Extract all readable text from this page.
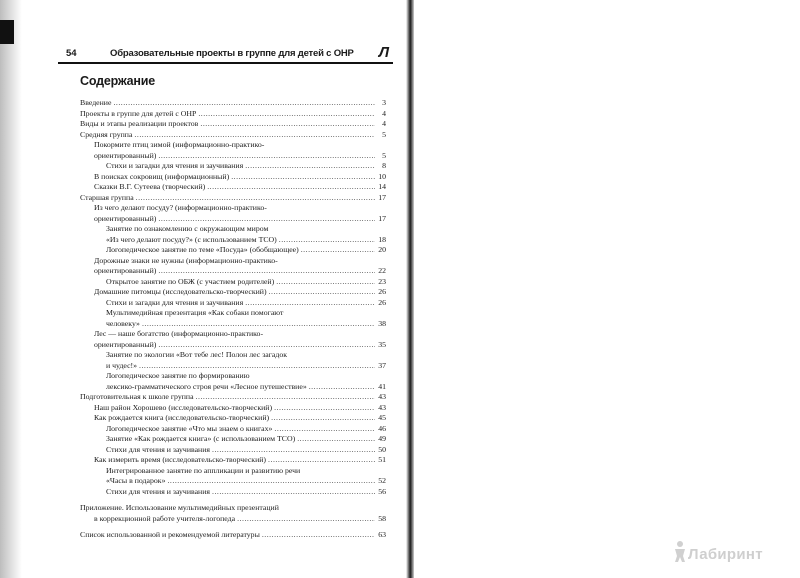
54	Образовательные проекты в группе для детей с ОНР Л
Содержание
Введение .....	3
Проекты в группе для детей с ОНР .....	4
Виды и этапы реализации проектов .....	4
Средняя группа .....	5
Покормите птиц зимой (информационно-практико-
ориентированный) .....	5
Стихи и загадки для чтения и заучивания .....	8
В поисках сокровищ (информационный) .....	10
Сказки В.Г. Сутеева (творческий) .....	14
Старшая группа .....	17
Из чего делают посуду? (информационно-практико-
ориентированный) .....	17
Занятие по ознакомлению с окружающим миром
«Из чего делают посуду?» (с использованием ТСО) .....	18
Логопедическое занятие по теме «Посуда» (обобщающее) .....	20
Дорожные знаки не нужны (информационно-практико-
ориентированный) .....	22
Открытое занятие по ОБЖ (с участием родителей) .....	23
Домашние питомцы (исследовательско-творческий) .....	26
Стихи и загадки для чтения и заучивания .....	26
Мультимедийная презентация «Как собаки помогают
человеку» .....	38
Лес — наше богатство (информационно-практико-
ориентированный) .....	35
Занятие по экологии «Вот тебе лес! Полон лес загадок
и чудес!» .....	37
Логопедическое занятие по формированию
лексико-грамматического строя речи «Лесное путешествие» .....	41
Подготовительная к школе группа .....	43
Наш район Хорошево (исследовательско-творческий) .....	43
Как рождается книга (исследовательско-творческий) .....	45
Логопедическое занятие «Что мы знаем о книгах» .....	46
Занятие «Как рождается книга» (с использованием ТСО) .....	49
Стихи для чтения и заучивания .....	50
Как измерить время (исследовательско-творческий) .....	51
Интегрированное занятие по аппликации и развитию речи
«Часы в подарок» .....	52
Стихи для чтения и заучивания .....	56
Приложение. Использование мультимедийных презентаций
в коррекционной работе учителя-логопеда .....	58
Список использованной и рекомендуемой литературы .....	63
Лабиринт
